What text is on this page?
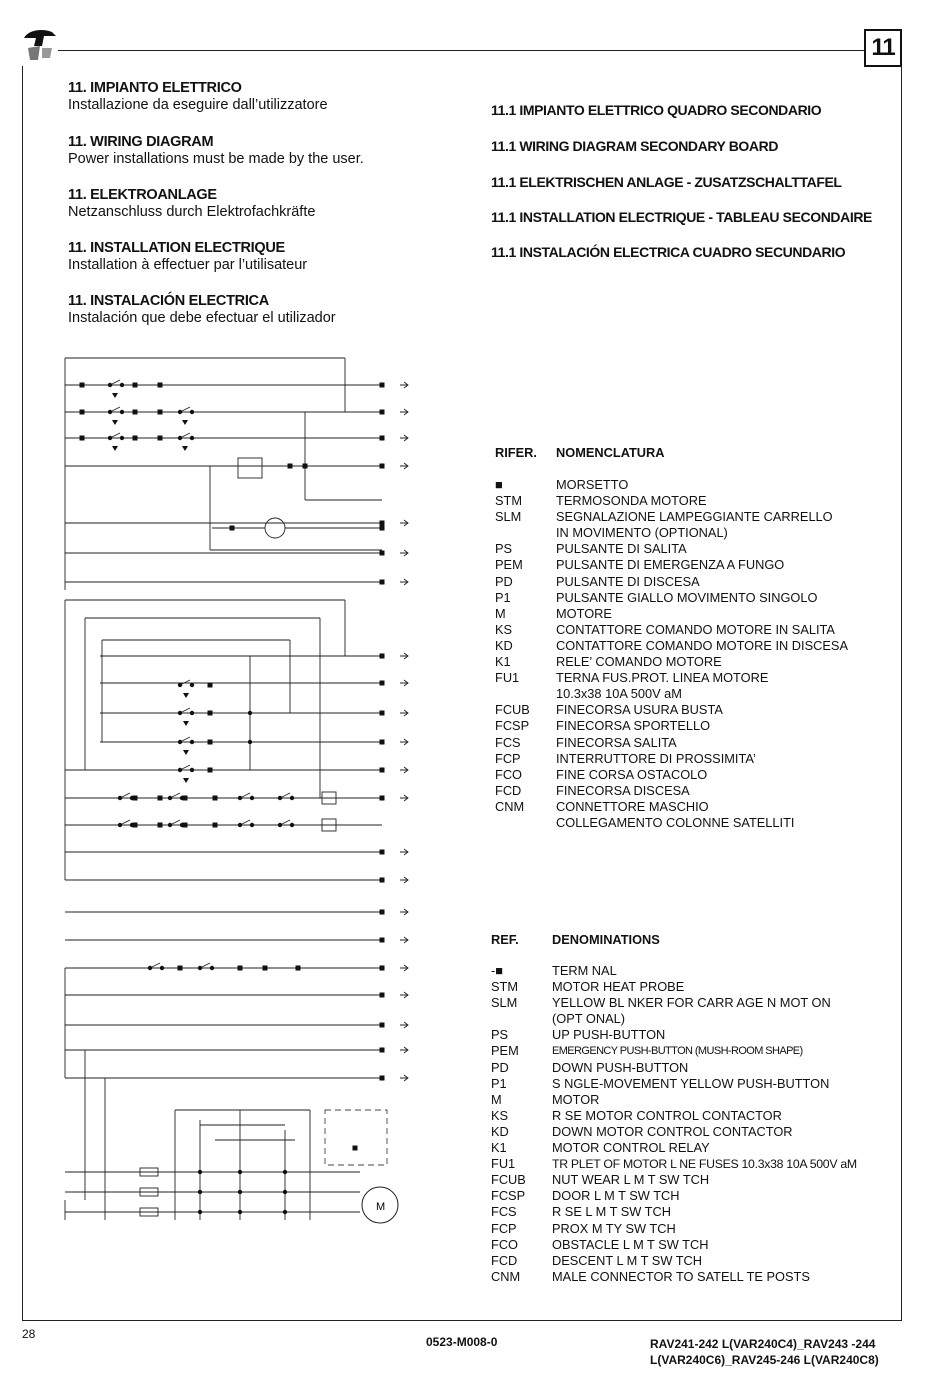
11
11. IMPIANTO ELETTRICO
Installazione da eseguire dall’utilizzatore
11. WIRING DIAGRAM
Power installations must be made by the user.
11. ELEKTROANLAGE
Netzanschluss durch Elektrofachkräfte
11. INSTALLATION ELECTRIQUE
Installation à effectuer par l’utilisateur
11. INSTALACIÓN ELECTRICA
Instalación que debe efectuar el utilizador
11.1 IMPIANTO ELETTRICO QUADRO SECONDARIO
11.1 WIRING DIAGRAM SECONDARY BOARD
11.1 ELEKTRISCHEN ANLAGE - ZUSATZSCHALTTAFEL
11.1 INSTALLATION ELECTRIQUE - TABLEAU SECONDAIRE
11.1 INSTALACIÓN ELECTRICA CUADRO SECUNDARIO
RIFER. NOMENCLATURA
■	MORSETTO
STM	TERMOSONDA MOTORE
SLM	SEGNALAZIONE LAMPEGGIANTE CARRELLO
IN MOVIMENTO (OPTIONAL)
PS	PULSANTE DI SALITA
PEM	PULSANTE DI EMERGENZA A FUNGO
PD	PULSANTE DI DISCESA
P1	PULSANTE GIALLO MOVIMENTO SINGOLO
M	MOTORE
KS	CONTATTORE COMANDO MOTORE IN SALITA
KD	CONTATTORE COMANDO MOTORE IN DISCESA
K1	RELE’ COMANDO MOTORE
FU1	TERNA FUS.PROT. LINEA MOTORE
10.3x38 10A 500V aM
FCUB	FINECORSA USURA BUSTA
FCSP	FINECORSA SPORTELLO
FCS	FINECORSA SALITA
FCP	INTERRUTTORE DI PROSSIMITA’
FCO	FINE CORSA OSTACOLO
FCD	FINECORSA DISCESA
CNM	CONNETTORE MASCHIO
COLLEGAMENTO COLONNE SATELLITI
REF.	DENOMINATIONS
-■	TERM NAL
STM	MOTOR HEAT PROBE
SLM	YELLOW BL NKER FOR CARR AGE N MOT ON
(OPT ONAL)
PS	UP PUSH-BUTTON
PEM	EMERGENCY PUSH-BUTTON (MUSH-ROOM SHAPE)
PD	DOWN PUSH-BUTTON
P1	S NGLE-MOVEMENT YELLOW PUSH-BUTTON
M	MOTOR
KS	R SE MOTOR CONTROL CONTACTOR
KD	DOWN MOTOR CONTROL CONTACTOR
K1	MOTOR CONTROL RELAY
FU1	TR PLET OF MOTOR L NE FUSES 10.3x38 10A 500V aM
FCUB	NUT WEAR L M T SW TCH
FCSP	DOOR L M T SW TCH
FCS	R SE L M T SW TCH
FCP	PROX M TY SW TCH
FCO	OBSTACLE L M T SW TCH
FCD	DESCENT L M T SW TCH
CNM	MALE CONNECTOR TO SATELL TE POSTS
M
28
0523-M008-0	RAV241-242 L(VAR240C4)_RAV243 -244
L(VAR240C6)_RAV245-246 L(VAR240C8)
